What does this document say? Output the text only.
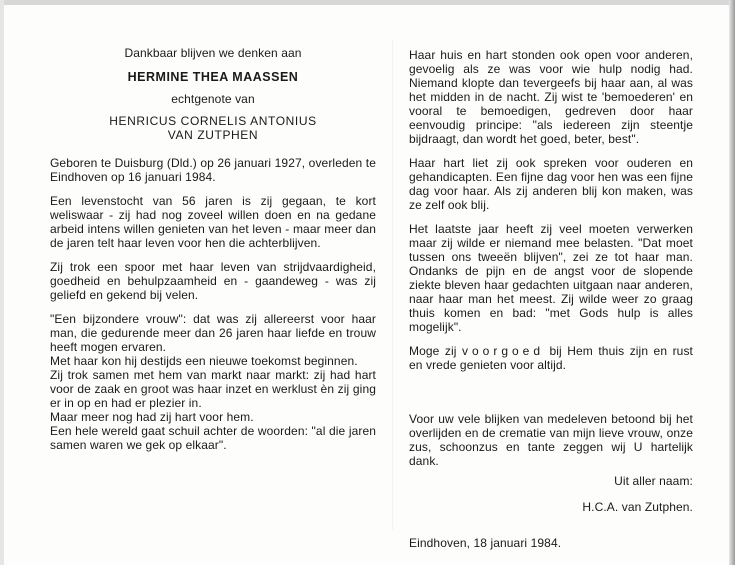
Dankbaar blijven we denken aan

HERMINE THEA MAASSEN

echtgenote van

HENRICUS CORNELIS ANTONIUS
VAN ZUTPHEN

Geboren te Duisburg (Dld.) op 26 januari 1927, overleden te Eindhoven op 16 januari 1984.

Een levenstocht van 56 jaren is zij gegaan, te kort weliswaar - zij had nog zoveel willen doen en na gedane arbeid intens willen genieten van het leven - maar meer dan de jaren telt haar leven voor hen die achterblijven.

Zij trok een spoor met haar leven van strijdvaardigheid, goedheid en behulpzaamheid en - gaandeweg - was zij geliefd en gekend bij velen.

"Een bijzondere vrouw": dat was zij allereerst voor haar man, die gedurende meer dan 26 jaren haar liefde en trouw heeft mogen ervaren.

Met haar kon hij destijds een nieuwe toekomst beginnen.

Zij trok samen met hem van markt naar markt: zij had hart voor de zaak en groot was haar inzet en werklust èn zij ging er in op en had er plezier in.

Maar meer nog had zij hart voor hem.

Een hele wereld gaat schuil achter de woorden: "al die jaren samen waren we gek op elkaar".

Haar huis en hart stonden ook open voor anderen, gevoelig als ze was voor wie hulp nodig had. Niemand klopte dan tevergeefs bij haar aan, al was het midden in de nacht. Zij wist te 'bemoederen' en vooral te bemoedigen, gedreven door haar eenvoudig principe: "als iedereen zijn steentje bijdraagt, dan wordt het goed, beter, best".

Haar hart liet zij ook spreken voor ouderen en gehandicapten. Een fijne dag voor hen was een fijne dag voor haar. Als zij anderen blij kon maken, was ze zelf ook blij.

Het laatste jaar heeft zij veel moeten verwerken maar zij wilde er niemand mee belasten. "Dat moet tussen ons tweeën blijven", zei ze tot haar man. Ondanks de pijn en de angst voor de slopende ziekte bleven haar gedachten uitgaan naar anderen, naar haar man het meest. Zij wilde weer zo graag thuis komen en bad: "met Gods hulp is alles mogelijk".

Moge zij voorgoed bij Hem thuis zijn en rust en vrede genieten voor altijd.

Voor uw vele blijken van medeleven betoond bij het overlijden en de crematie van mijn lieve vrouw, onze zus, schoonzus en tante zeggen wij U hartelijk dank.

Uit aller naam:

H.C.A. van Zutphen.

Eindhoven, 18 januari 1984.
